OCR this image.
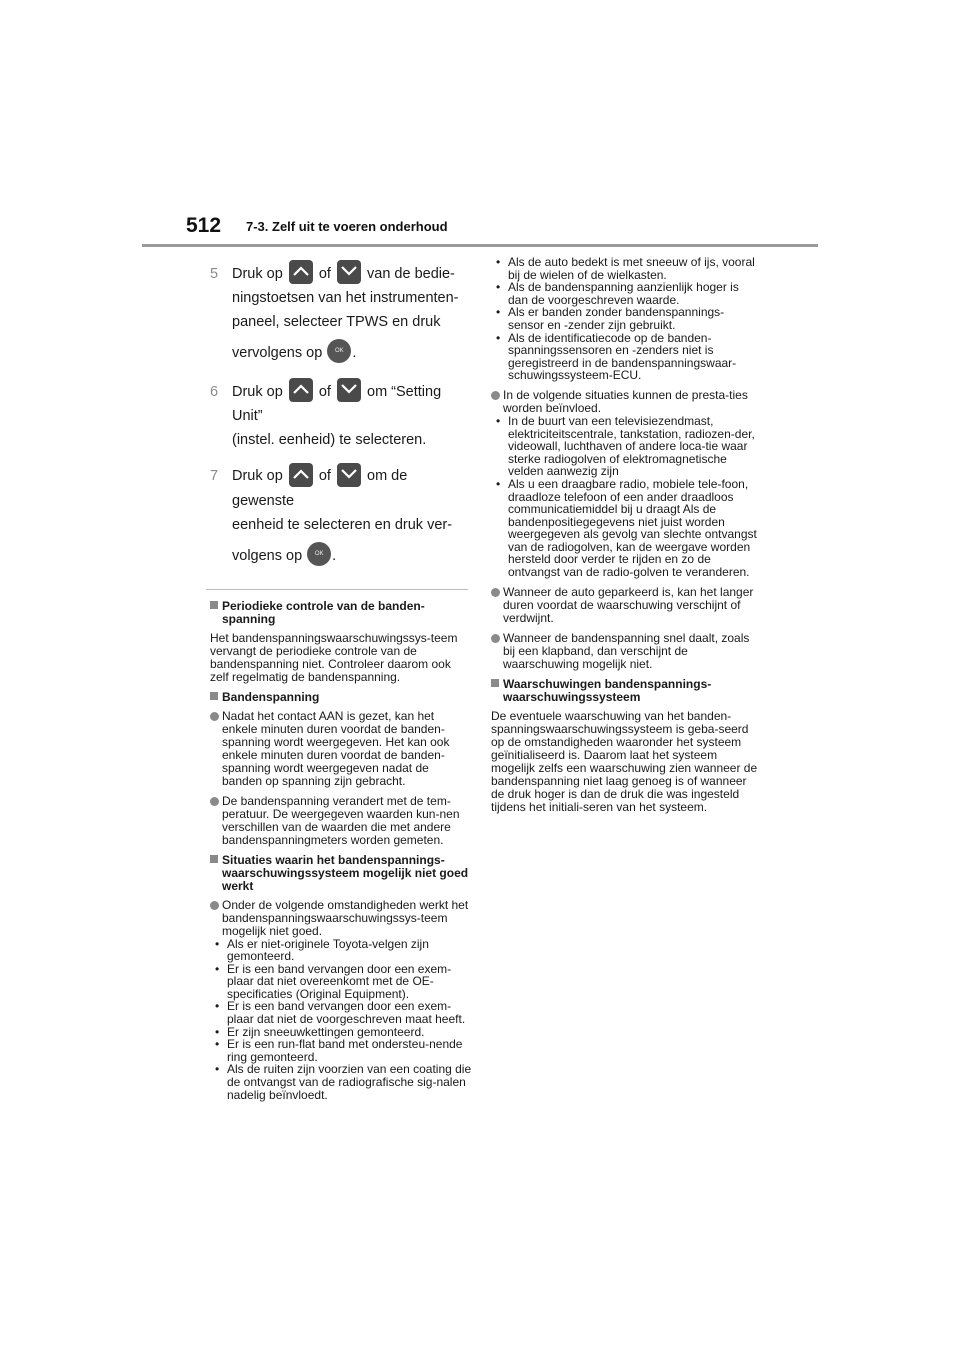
512 7-3. Zelf uit te voeren onderhoud
5 Druk op of van de bedie-
ningstoetsen van het instrumenten-
paneel, selecteer TPWS en druk
vervolgens op OK .
6 Druk op of om “Setting Unit”
(instel. eenheid) te selecteren.
7 Druk op of om de gewenste
eenheid te selecteren en druk ver-
volgens op OK .
Periodieke controle van de banden-spanning
Het bandenspanningswaarschuwingssys-teem vervangt de periodieke controle van de bandenspanning niet. Controleer daarom ook zelf regelmatig de bandenspanning.
Bandenspanning
Nadat het contact AAN is gezet, kan het enkele minuten duren voordat de banden-spanning wordt weergegeven. Het kan ook enkele minuten duren voordat de banden-spanning wordt weergegeven nadat de banden op spanning zijn gebracht.
De bandenspanning verandert met de tem-peratuur. De weergegeven waarden kun-nen verschillen van de waarden die met andere bandenspanningmeters worden gemeten.
Situaties waarin het bandenspannings-waarschuwingssysteem mogelijk niet goed werkt
Onder de volgende omstandigheden werkt het bandenspanningswaarschuwingssys-teem mogelijk niet goed.
• Als er niet-originele Toyota-velgen zijn gemonteerd.
• Er is een band vervangen door een exem-plaar dat niet overeenkomt met de OE-specificaties (Original Equipment).
• Er is een band vervangen door een exem-plaar dat niet de voorgeschreven maat heeft.
• Er zijn sneeuwkettingen gemonteerd.
• Er is een run-flat band met ondersteu-nende ring gemonteerd.
• Als de ruiten zijn voorzien van een coating die de ontvangst van de radiografische sig-nalen nadelig beïnvloedt.
• Als de auto bedekt is met sneeuw of ijs, vooral bij de wielen of de wielkasten.
• Als de bandenspanning aanzienlijk hoger is dan de voorgeschreven waarde.
• Als er banden zonder bandenspannings-sensor en -zender zijn gebruikt.
• Als de identificatiecode op de banden-spanningssensoren en -zenders niet is geregistreerd in de bandenspanningswaar-schuwingssysteem-ECU.
In de volgende situaties kunnen de presta-ties worden beïnvloed.
• In de buurt van een televisiezendmast, elektriciteitscentrale, tankstation, radiozen-der, videowall, luchthaven of andere loca-tie waar sterke radiogolven of elektromagnetische velden aanwezig zijn
• Als u een draagbare radio, mobiele tele-foon, draadloze telefoon of een ander draadloos communicatiemiddel bij u draagt Als de bandenpositiegegevens niet juist worden weergegeven als gevolg van slechte ontvangst van de radiogolven, kan de weergave worden hersteld door verder te rijden en zo de ontvangst van de radio-golven te veranderen.
Wanneer de auto geparkeerd is, kan het langer duren voordat de waarschuwing verschijnt of verdwijnt.
Wanneer de bandenspanning snel daalt, zoals bij een klapband, dan verschijnt de waarschuwing mogelijk niet.
Waarschuwingen bandenspannings-waarschuwingssysteem
De eventuele waarschuwing van het banden-spanningswaarschuwingssysteem is geba-seerd op de omstandigheden waaronder het systeem geïnitialiseerd is. Daarom laat het systeem mogelijk zelfs een waarschuwing zien wanneer de bandenspanning niet laag genoeg is of wanneer de druk hoger is dan de druk die was ingesteld tijdens het initiali-seren van het systeem.
